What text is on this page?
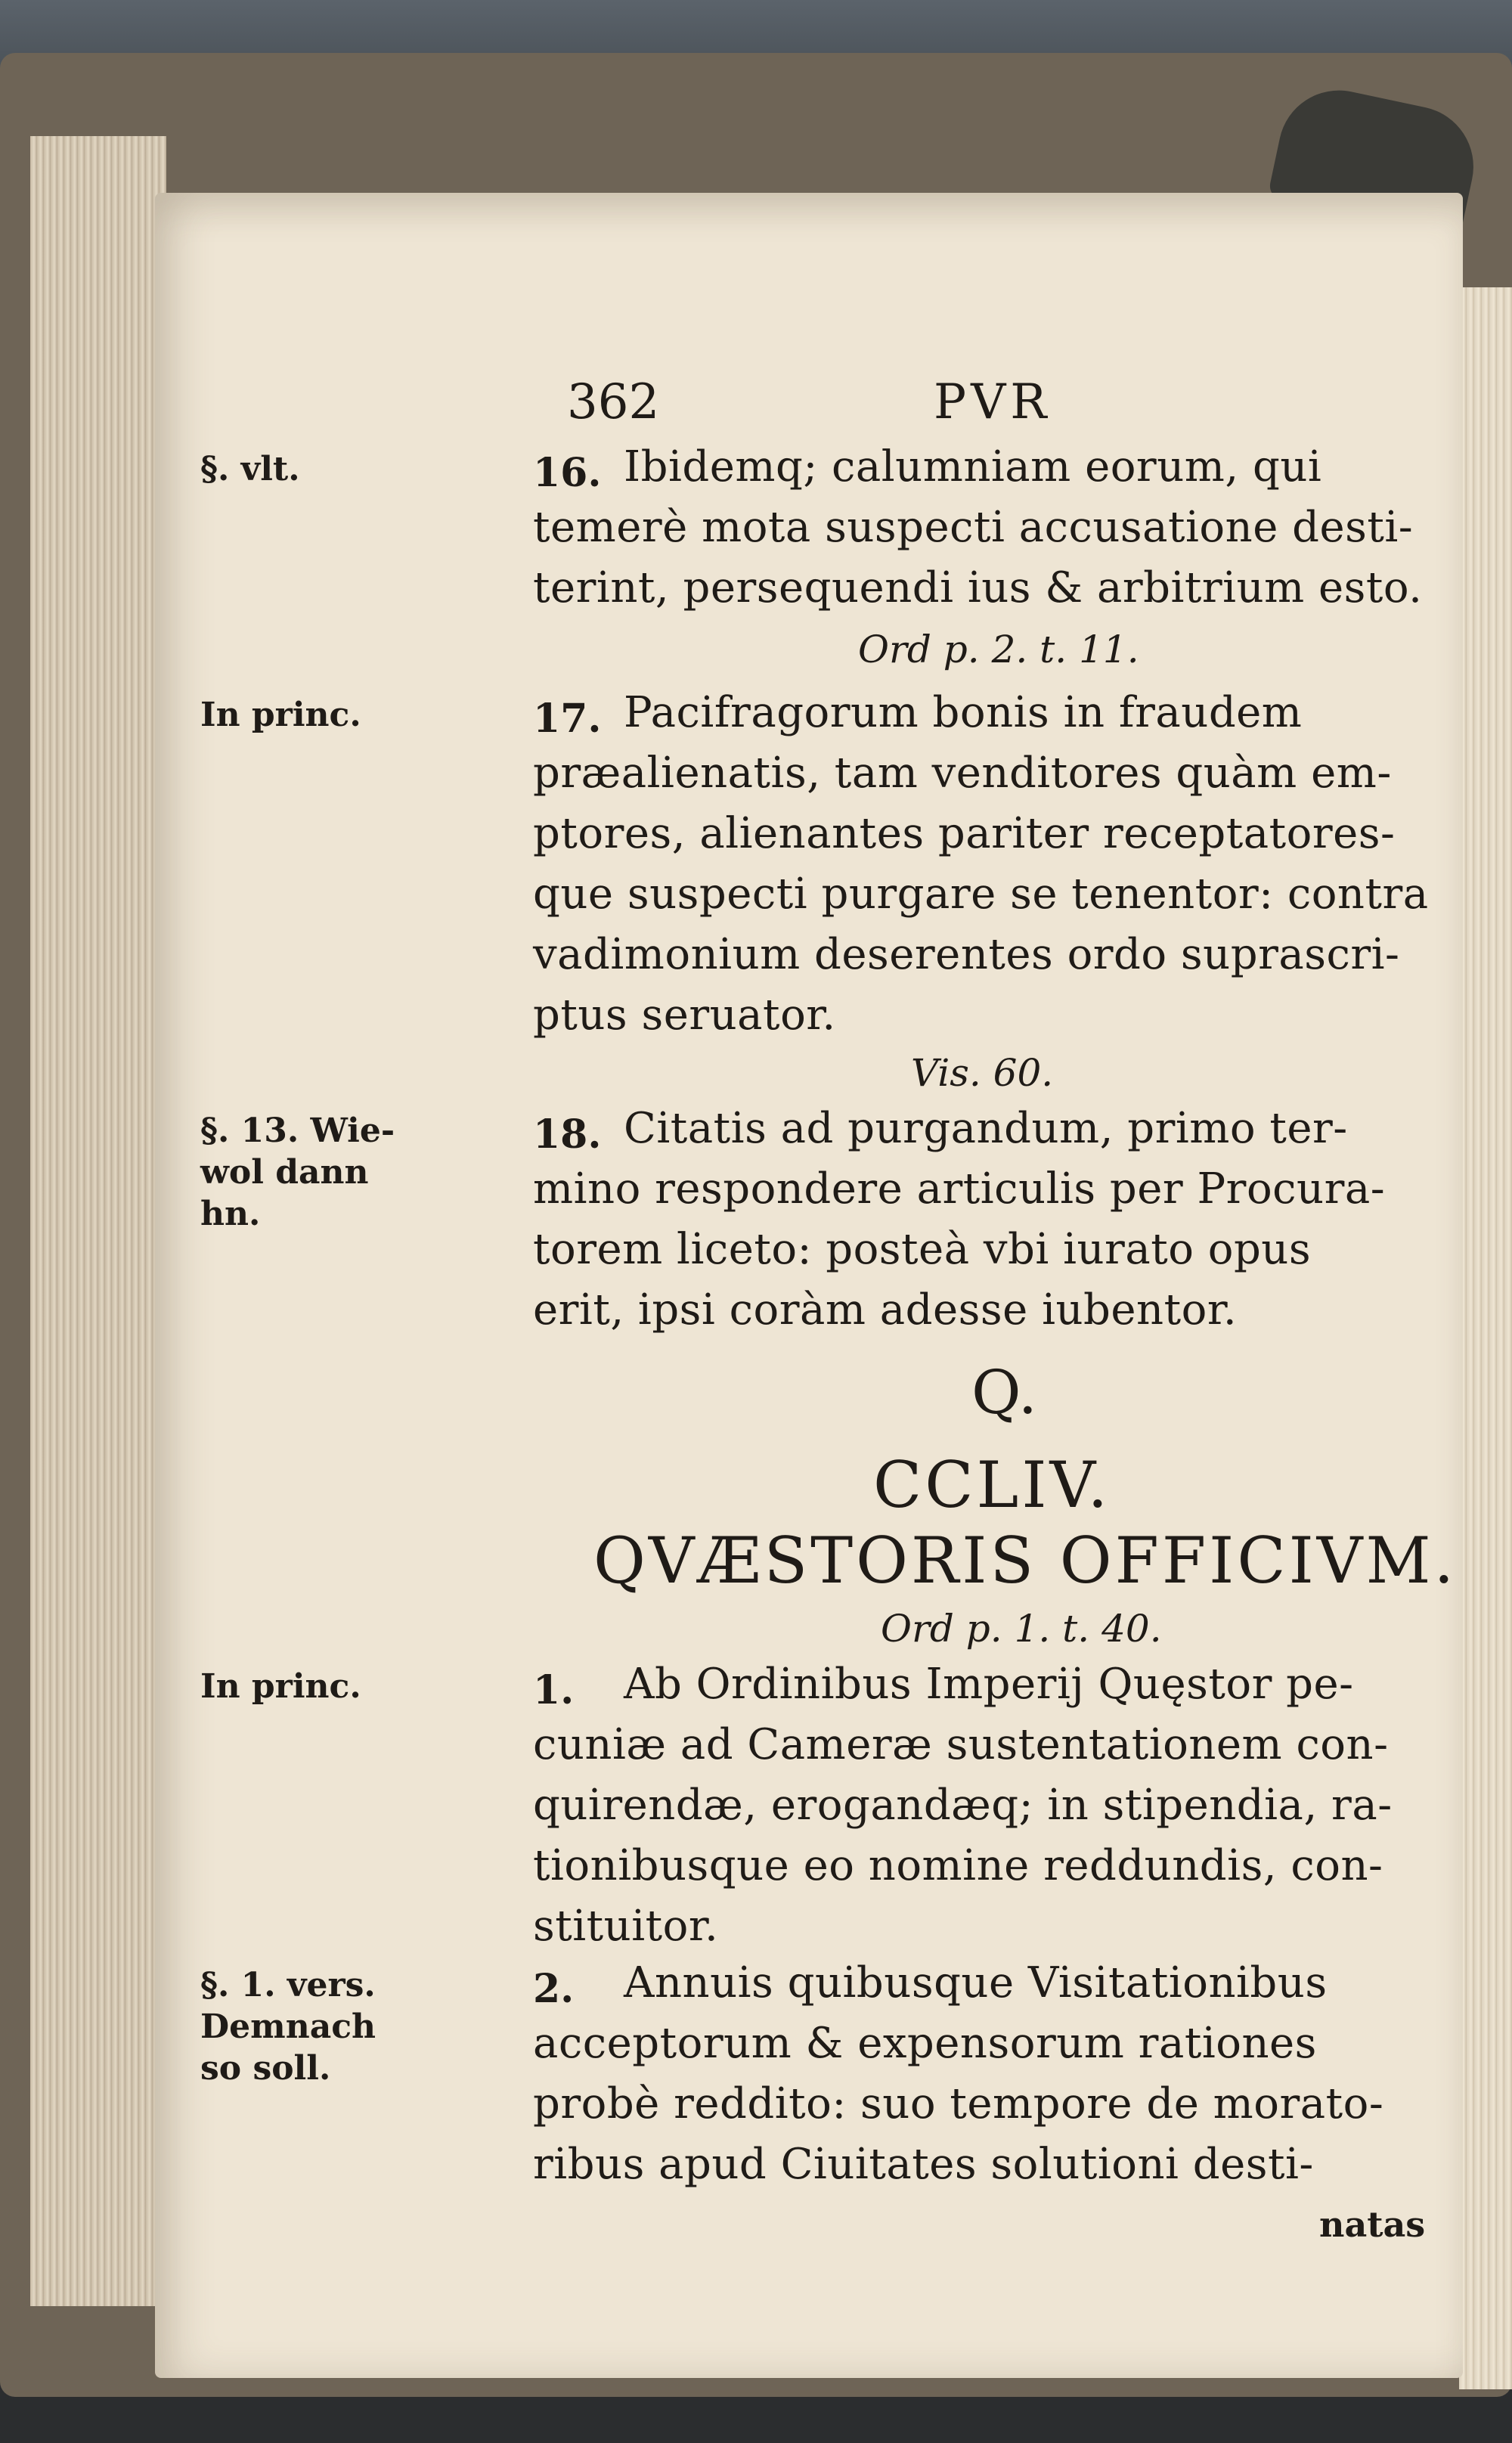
362	PVR
§. vlt.	16. Ibidemq; calumniam eorum, qui
temerè mota suspecti accusatione desti-
terint, persequendi ius & arbitrium esto.
Ord p. 2. t. 11.
In princ.	17. Pacifragorum bonis in fraudem
præalienatis, tam venditores quàm em-
ptores, alienantes pariter receptatores-
que suspecti purgare se tenentor: contra
vadimonium deserentes ordo suprascri-
ptus seruator.
Vis. 60.
§. 13. Wie-
wol dann
hn.
18. Citatis ad purgandum, primo ter-
mino respondere articulis per Procura-
torem liceto: posteà vbi iurato opus
erit, ipsi coràm adesse iubentor.
Q.
CCLIV.
QVÆSTORIS OFFICIVM.
Ord p. 1. t. 40.
In princ.	1. Ab Ordinibus Imperij Quęstor pe-
cuniæ ad Cameræ sustentationem con-
quirendæ, erogandæq; in stipendia, ra-
tionibusque eo nomine reddundis, con-
stituitor.
§. 1. vers.
Demnach
so soll.
2. Annuis quibusque Visitationibus
acceptorum & expensorum rationes
probè reddito: suo tempore de morato-
ribus apud Ciuitates solutioni desti-
natas
